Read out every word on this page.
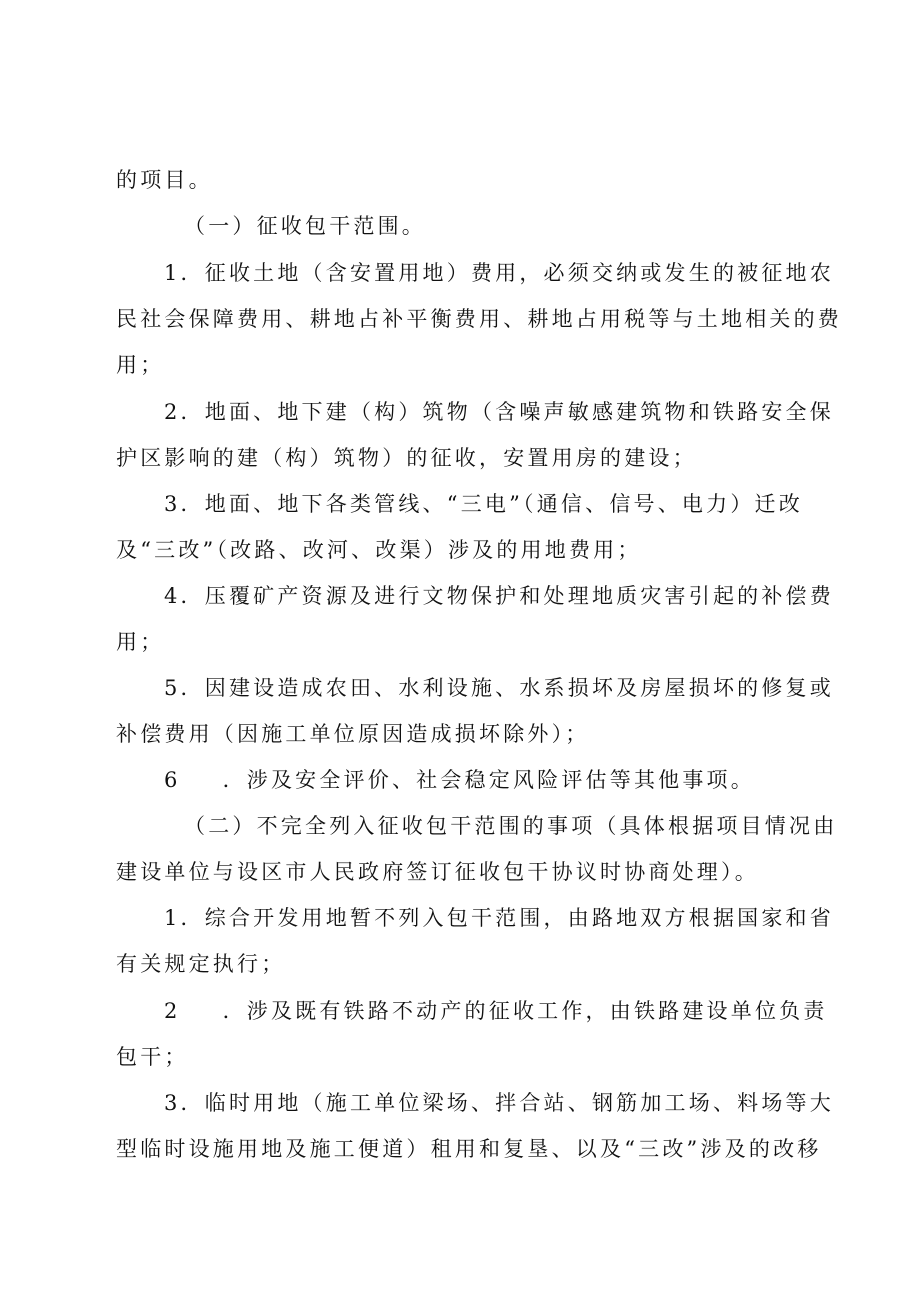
的项目。
（一）征收包干范围。
1．征收土地（含安置用地）费用，必须交纳或发生的被征地农
民社会保障费用、耕地占补平衡费用、耕地占用税等与土地相关的费
用；
2．地面、地下建（构）筑物（含噪声敏感建筑物和铁路安全保
护区影响的建（构）筑物）的征收，安置用房的建设；
3．地面、地下各类管线、“三电”（通信、信号、电力）迁改
及“三改”（改路、改河、改渠）涉及的用地费用；
4．压覆矿产资源及进行文物保护和处理地质灾害引起的补偿费
用；
5．因建设造成农田、水利设施、水系损坏及房屋损坏的修复或
补偿费用（因施工单位原因造成损坏除外）；
6 ．涉及安全评价、社会稳定风险评估等其他事项。
（二）不完全列入征收包干范围的事项（具体根据项目情况由
建设单位与设区市人民政府签订征收包干协议时协商处理）。
1．综合开发用地暂不列入包干范围，由路地双方根据国家和省
有关规定执行；
2 ．涉及既有铁路不动产的征收工作，由铁路建设单位负责
包干；
3．临时用地（施工单位梁场、拌合站、钢筋加工场、料场等大
型临时设施用地及施工便道）租用和复垦、以及“三改”涉及的改移
